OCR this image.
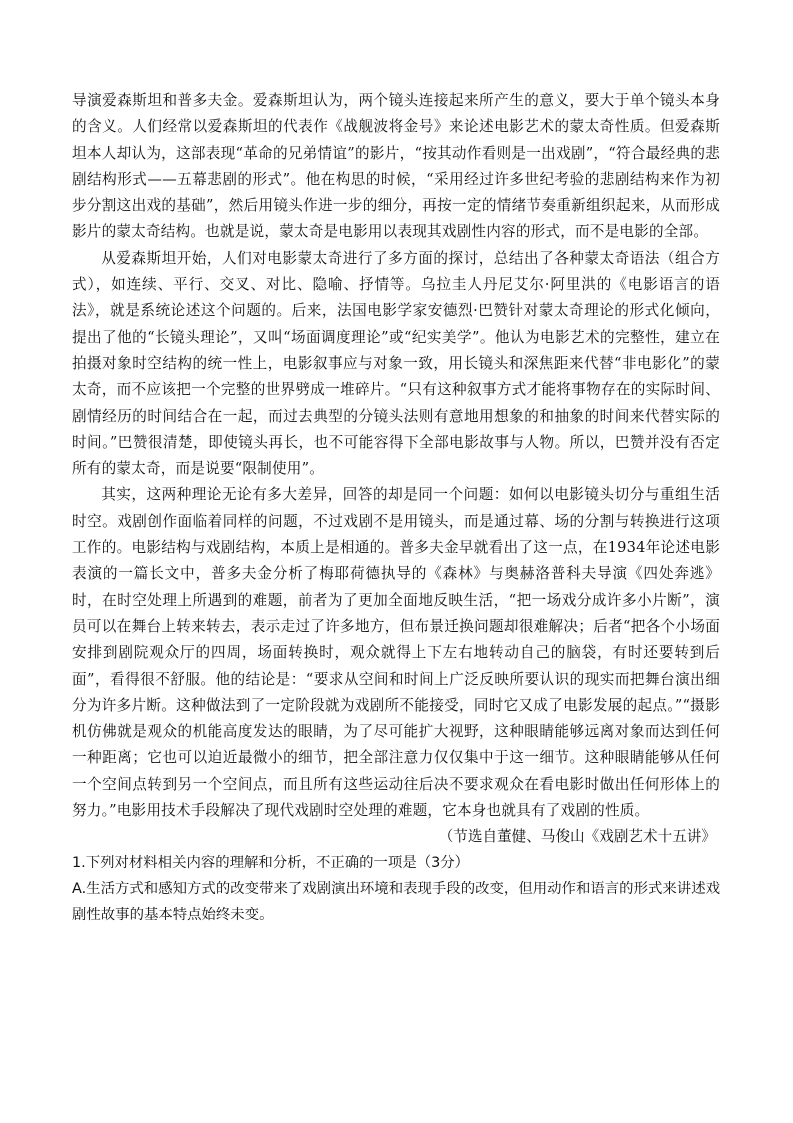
导演爱森斯坦和普多夫金。爱森斯坦认为，两个镜头连接起来所产生的意义，要大于单个镜头本身的含义。人们经常以爱森斯坦的代表作《战舰波将金号》来论述电影艺术的蒙太奇性质。但爱森斯坦本人却认为，这部表现“革命的兄弟情谊”的影片，“按其动作看则是一出戏剧”，“符合最经典的悲剧结构形式——五幕悲剧的形式”。他在构思的时候，“采用经过许多世纪考验的悲剧结构来作为初步分割这出戏的基础”，然后用镜头作进一步的细分，再按一定的情绪节奏重新组织起来，从而形成影片的蒙太奇结构。也就是说，蒙太奇是电影用以表现其戏剧性内容的形式，而不是电影的全部。

从爱森斯坦开始，人们对电影蒙太奇进行了多方面的探讨，总结出了各种蒙太奇语法（组合方式），如连续、平行、交叉、对比、隐喻、抒情等。乌拉圭人丹尼艾尔·阿里洪的《电影语言的语法》，就是系统论述这个问题的。后来，法国电影学家安德烈·巴赞针对蒙太奇理论的形式化倾向，提出了他的“长镜头理论”，又叫“场面调度理论”或“纪实美学”。他认为电影艺术的完整性，建立在拍摄对象时空结构的统一性上，电影叙事应与对象一致，用长镜头和深焦距来代替“非电影化”的蒙太奇，而不应该把一个完整的世界劈成一堆碎片。“只有这种叙事方式才能将事物存在的实际时间、剧情经历的时间结合在一起，而过去典型的分镜头法则有意地用想象的和抽象的时间来代替实际的时间。”巴赞很清楚，即使镜头再长，也不可能容得下全部电影故事与人物。所以，巴赞并没有否定所有的蒙太奇，而是说要“限制使用”。

其实，这两种理论无论有多大差异，回答的却是同一个问题：如何以电影镜头切分与重组生活时空。戏剧创作面临着同样的问题，不过戏剧不是用镜头，而是通过幕、场的分割与转换进行这项工作的。电影结构与戏剧结构，本质上是相通的。普多夫金早就看出了这一点，在1934年论述电影表演的一篇长文中，普多夫金分析了梅耶荷德执导的《森林》与奥赫洛普科夫导演《四处奔逃》时，在时空处理上所遇到的难题，前者为了更加全面地反映生活，“把一场戏分成许多小片断”，演员可以在舞台上转来转去，表示走过了许多地方，但布景迁换问题却很难解决；后者“把各个小场面安排到剧院观众厅的四周，场面转换时，观众就得上下左右地转动自己的脑袋，有时还要转到后面”，看得很不舒服。他的结论是：“要求从空间和时间上广泛反映所要认识的现实而把舞台演出细分为许多片断。这种做法到了一定阶段就为戏剧所不能接受，同时它又成了电影发展的起点。”“摄影机仿佛就是观众的机能高度发达的眼睛，为了尽可能扩大视野，这种眼睛能够远离对象而达到任何一种距离；它也可以迫近最微小的细节，把全部注意力仅仅集中于这一细节。这种眼睛能够从任何一个空间点转到另一个空间点，而且所有这些运动往后决不要求观众在看电影时做出任何形体上的努力。”电影用技术手段解决了现代戏剧时空处理的难题，它本身也就具有了戏剧的性质。

（节选自董健、马俊山《戏剧艺术十五讲》

1.下列对材料相关内容的理解和分析，不正确的一项是（3分）

A.生活方式和感知方式的改变带来了戏剧演出环境和表现手段的改变，但用动作和语言的形式来讲述戏剧性故事的基本特点始终未变。
